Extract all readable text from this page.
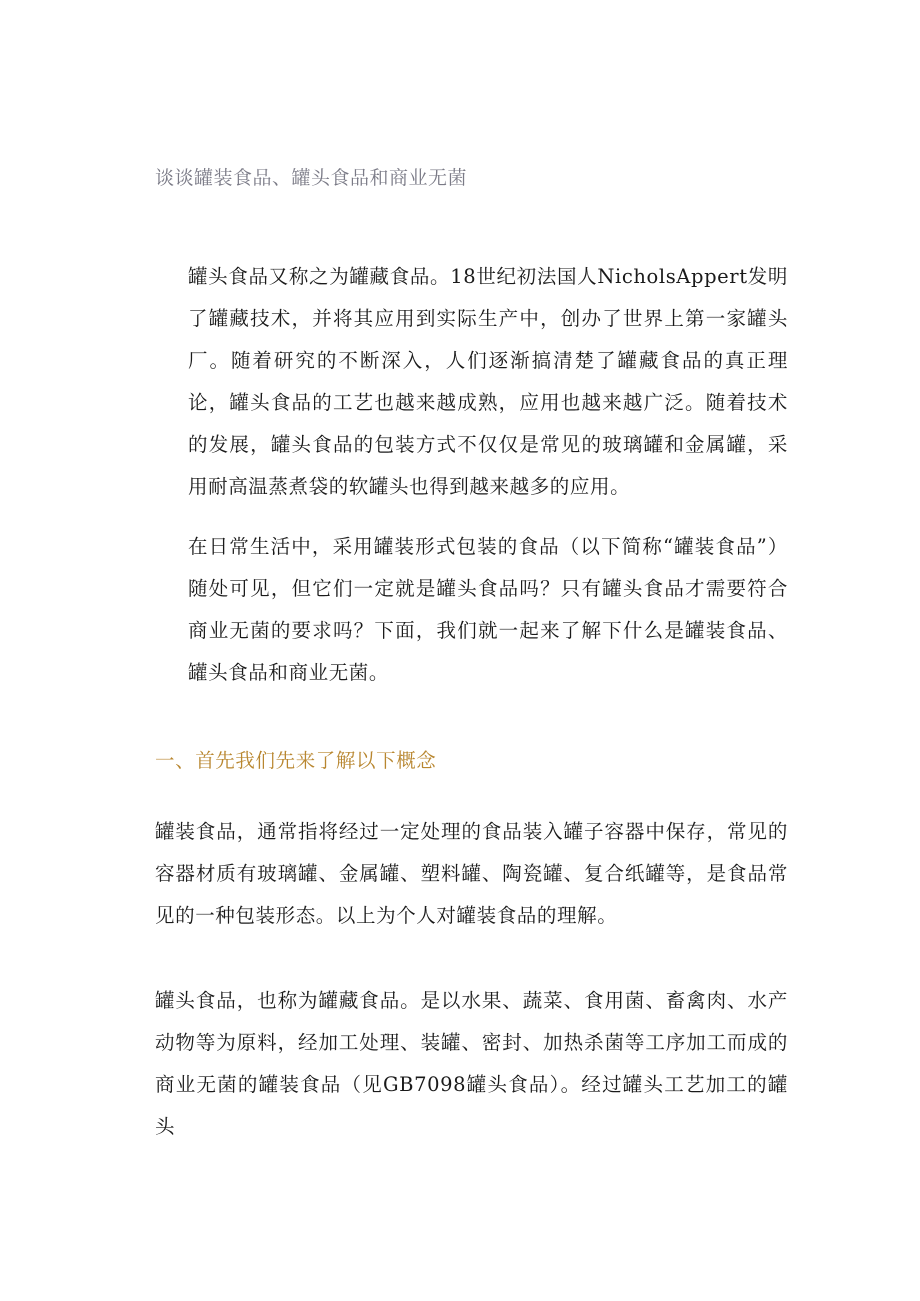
谈谈罐装食品、罐头食品和商业无菌

罐头食品又称之为罐藏食品。18世纪初法国人NicholsAppert发明了罐藏技术，并将其应用到实际生产中，创办了世界上第一家罐头厂。随着研究的不断深入，人们逐渐搞清楚了罐藏食品的真正理论，罐头食品的工艺也越来越成熟，应用也越来越广泛。随着技术的发展，罐头食品的包装方式不仅仅是常见的玻璃罐和金属罐，采用耐高温蒸煮袋的软罐头也得到越来越多的应用。

在日常生活中，采用罐装形式包装的食品（以下简称“罐装食品”）随处可见，但它们一定就是罐头食品吗？只有罐头食品才需要符合商业无菌的要求吗？下面，我们就一起来了解下什么是罐装食品、罐头食品和商业无菌。

一、首先我们先来了解以下概念

罐装食品，通常指将经过一定处理的食品装入罐子容器中保存，常见的容器材质有玻璃罐、金属罐、塑料罐、陶瓷罐、复合纸罐等，是食品常见的一种包装形态。以上为个人对罐装食品的理解。

罐头食品，也称为罐藏食品。是以水果、蔬菜、食用菌、畜禽肉、水产动物等为原料，经加工处理、装罐、密封、加热杀菌等工序加工而成的商业无菌的罐装食品（见GB7098罐头食品）。经过罐头工艺加工的罐头
